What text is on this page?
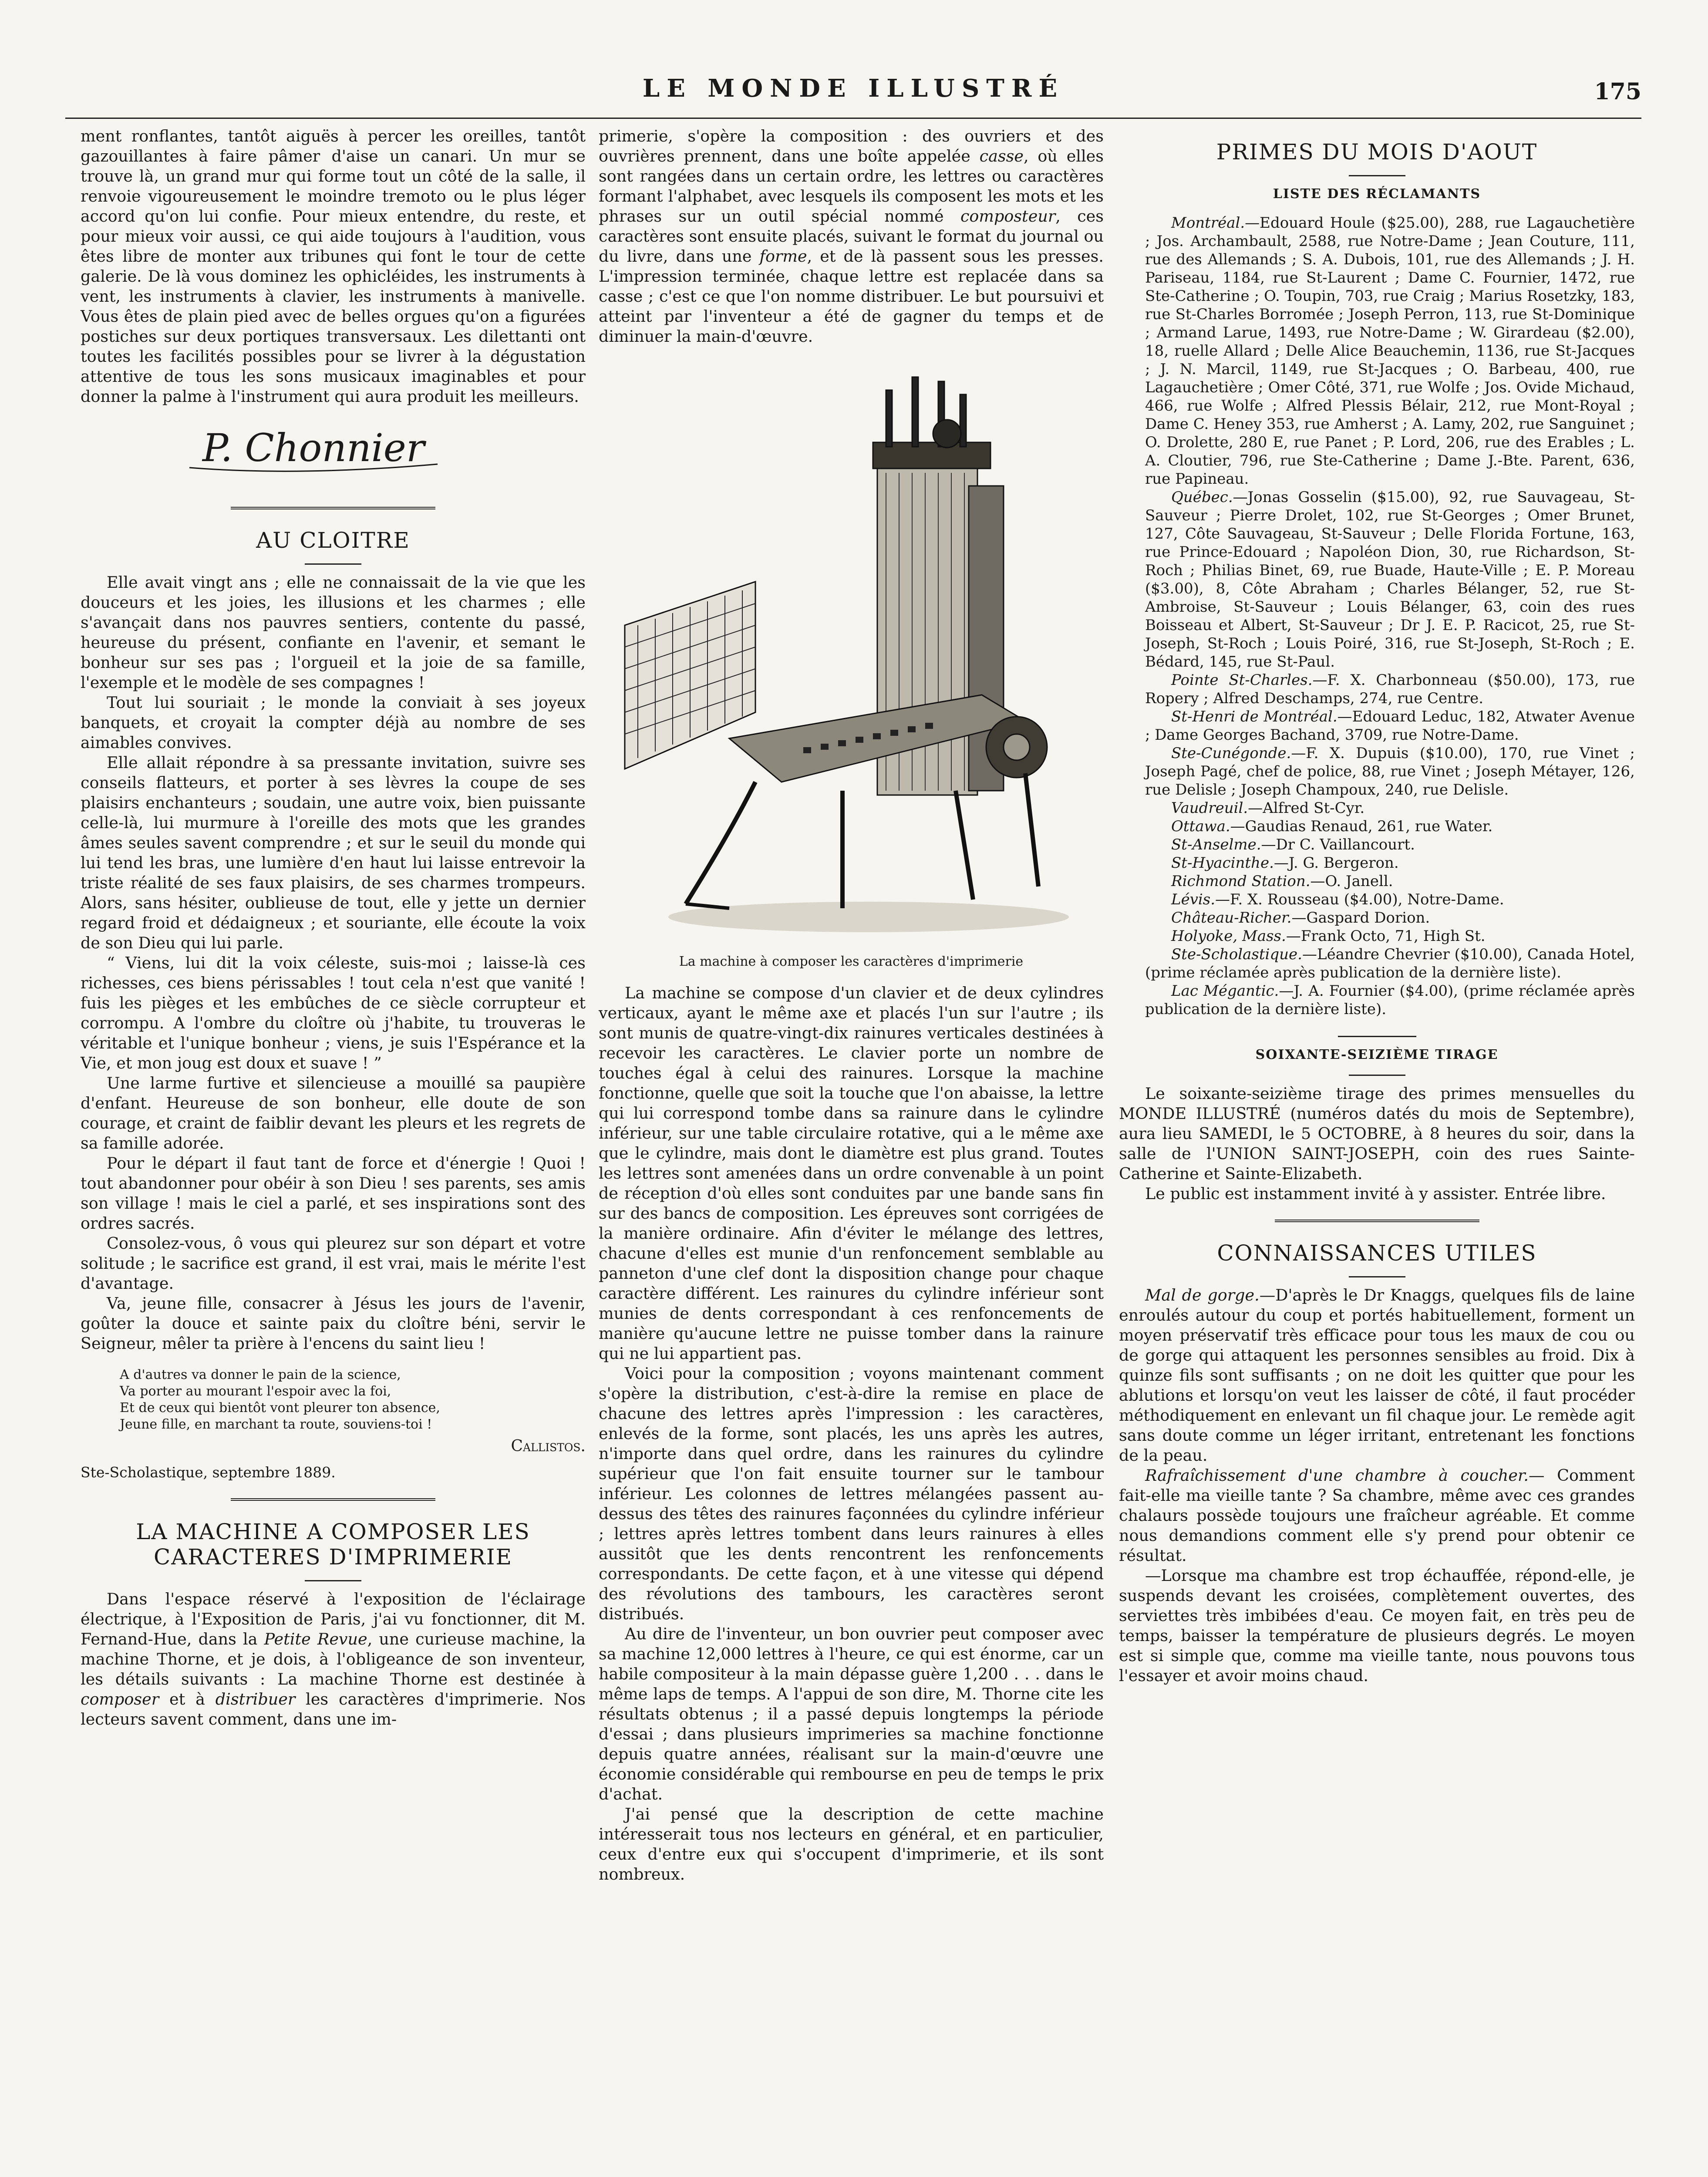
LE MONDE ILLUSTRÉ	175

ment ronflantes, tantôt aiguës à percer les oreilles, tantôt gazouillantes à faire pâmer d'aise un canari. Un mur se trouve là, un grand mur qui forme tout un côté de la salle, il renvoie vigoureusement le moindre tremoto ou le plus léger accord qu'on lui confie. Pour mieux entendre, du reste, et pour mieux voir aussi, ce qui aide toujours à l'audition, vous êtes libre de monter aux tribunes qui font le tour de cette galerie. De là vous dominez les ophicléides, les instruments à vent, les instruments à clavier, les instruments à manivelle. Vous êtes de plain pied avec de belles orgues qu'on a figurées postiches sur deux portiques transversaux. Les dilettanti ont toutes les facilités possibles pour se livrer à la dégustation attentive de tous les sons musicaux imaginables et pour donner la palme à l'instrument qui aura produit les meilleurs.

P. Chonnier
AU CLOITRE

Elle avait vingt ans ; elle ne connaissait de la vie que les douceurs et les joies, les illusions et les charmes ; elle s'avançait dans nos pauvres sentiers, contente du passé, heureuse du présent, confiante en l'avenir, et semant le bonheur sur ses pas ; l'orgueil et la joie de sa famille, l'exemple et le modèle de ses compagnes !

Tout lui souriait ; le monde la conviait à ses joyeux banquets, et croyait la compter déjà au nombre de ses aimables convives.

Elle allait répondre à sa pressante invitation, suivre ses conseils flatteurs, et porter à ses lèvres la coupe de ses plaisirs enchanteurs ; soudain, une autre voix, bien puissante celle-là, lui murmure à l'oreille des mots que les grandes âmes seules savent comprendre ; et sur le seuil du monde qui lui tend les bras, une lumière d'en haut lui laisse entrevoir la triste réalité de ses faux plaisirs, de ses charmes trompeurs. Alors, sans hésiter, oublieuse de tout, elle y jette un dernier regard froid et dédaigneux ; et souriante, elle écoute la voix de son Dieu qui lui parle.

“ Viens, lui dit la voix céleste, suis-moi ; laisse-là ces richesses, ces biens périssables ! tout cela n'est que vanité ! fuis les pièges et les embûches de ce siècle corrupteur et corrompu. A l'ombre du cloître où j'habite, tu trouveras le véritable et l'unique bonheur ; viens, je suis l'Espérance et la Vie, et mon joug est doux et suave ! ”

Une larme furtive et silencieuse a mouillé sa paupière d'enfant. Heureuse de son bonheur, elle doute de son courage, et craint de faiblir devant les pleurs et les regrets de sa famille adorée.

Pour le départ il faut tant de force et d'énergie ! Quoi ! tout abandonner pour obéir à son Dieu ! ses parents, ses amis son village ! mais le ciel a parlé, et ses inspirations sont des ordres sacrés.

Consolez-vous, ô vous qui pleurez sur son départ et votre solitude ; le sacrifice est grand, il est vrai, mais le mérite l'est d'avantage.

Va, jeune fille, consacrer à Jésus les jours de l'avenir, goûter la douce et sainte paix du cloître béni, servir le Seigneur, mêler ta prière à l'encens du saint lieu !

A d'autres va donner le pain de la science,
Va porter au mourant l'espoir avec la foi,
Et de ceux qui bientôt vont pleurer ton absence,
Jeune fille, en marchant ta route, souviens-toi !
Callistos.
Ste-Scholastique, septembre 1889.
LA MACHINE A COMPOSER LES CARACTERES D'IMPRIMERIE

Dans l'espace réservé à l'exposition de l'éclairage électrique, à l'Exposition de Paris, j'ai vu fonctionner, dit M. Fernand-Hue, dans la Petite Revue, une curieuse machine, la machine Thorne, et je dois, à l'obligeance de son inventeur, les détails suivants : La machine Thorne est destinée à composer et à distribuer les caractères d'imprimerie. Nos lecteurs savent comment, dans une im-

primerie, s'opère la composition : des ouvriers et des ouvrières prennent, dans une boîte appelée casse, où elles sont rangées dans un certain ordre, les lettres ou caractères formant l'alphabet, avec lesquels ils composent les mots et les phrases sur un outil spécial nommé composteur, ces caractères sont ensuite placés, suivant le format du journal ou du livre, dans une forme, et de là passent sous les presses. L'impression terminée, chaque lettre est replacée dans sa casse ; c'est ce que l'on nomme distribuer. Le but poursuivi et atteint par l'inventeur a été de gagner du temps et de diminuer la main-d'œuvre.

La machine à composer les caractères d'imprimerie

La machine se compose d'un clavier et de deux cylindres verticaux, ayant le même axe et placés l'un sur l'autre ; ils sont munis de quatre-vingt-dix rainures verticales destinées à recevoir les caractères. Le clavier porte un nombre de touches égal à celui des rainures. Lorsque la machine fonctionne, quelle que soit la touche que l'on abaisse, la lettre qui lui correspond tombe dans sa rainure dans le cylindre inférieur, sur une table circulaire rotative, qui a le même axe que le cylindre, mais dont le diamètre est plus grand. Toutes les lettres sont amenées dans un ordre convenable à un point de réception d'où elles sont conduites par une bande sans fin sur des bancs de composition. Les épreuves sont corrigées de la manière ordinaire. Afin d'éviter le mélange des lettres, chacune d'elles est munie d'un renfoncement semblable au panneton d'une clef dont la disposition change pour chaque caractère différent. Les rainures du cylindre inférieur sont munies de dents correspondant à ces renfoncements de manière qu'aucune lettre ne puisse tomber dans la rainure qui ne lui appartient pas.

Voici pour la composition ; voyons maintenant comment s'opère la distribution, c'est-à-dire la remise en place de chacune des lettres après l'impression : les caractères, enlevés de la forme, sont placés, les uns après les autres, n'importe dans quel ordre, dans les rainures du cylindre supérieur que l'on fait ensuite tourner sur le tambour inférieur. Les colonnes de lettres mélangées passent au-dessus des têtes des rainures façonnées du cylindre inférieur ; lettres après lettres tombent dans leurs rainures à elles aussitôt que les dents rencontrent les renfoncements correspondants. De cette façon, et à une vitesse qui dépend des révolutions des tambours, les caractères seront distribués.

Au dire de l'inventeur, un bon ouvrier peut composer avec sa machine 12,000 lettres à l'heure, ce qui est énorme, car un habile compositeur à la main dépasse guère 1,200 . . . dans le même laps de temps. A l'appui de son dire, M. Thorne cite les résultats obtenus ; il a passé depuis longtemps la période d'essai ; dans plusieurs imprimeries sa machine fonctionne depuis quatre années, réalisant sur la main-d'œuvre une économie considérable qui rembourse en peu de temps le prix d'achat.

J'ai pensé que la description de cette machine intéresserait tous nos lecteurs en général, et en particulier, ceux d'entre eux qui s'occupent d'imprimerie, et ils sont nombreux.

PRIMES DU MOIS D'AOUT
LISTE DES RÉCLAMANTS

Montréal.—Edouard Houle ($25.00), 288, rue Lagauchetière ; Jos. Archambault, 2588, rue Notre-Dame ; Jean Couture, 111, rue des Allemands ; S. A. Dubois, 101, rue des Allemands ; J. H. Pariseau, 1184, rue St-Laurent ; Dame C. Fournier, 1472, rue Ste-Catherine ; O. Toupin, 703, rue Craig ; Marius Rosetzky, 183, rue St-Charles Borromée ; Joseph Perron, 113, rue St-Dominique ; Armand Larue, 1493, rue Notre-Dame ; W. Girardeau ($2.00), 18, ruelle Allard ; Delle Alice Beauchemin, 1136, rue St-Jacques ; J. N. Marcil, 1149, rue St-Jacques ; O. Barbeau, 400, rue Lagauchetière ; Omer Côté, 371, rue Wolfe ; Jos. Ovide Michaud, 466, rue Wolfe ; Alfred Plessis Bélair, 212, rue Mont-Royal ; Dame C. Heney 353, rue Amherst ; A. Lamy, 202, rue Sanguinet ; O. Drolette, 280 E, rue Panet ; P. Lord, 206, rue des Erables ; L. A. Cloutier, 796, rue Ste-Catherine ; Dame J.-Bte. Parent, 636, rue Papineau.

Québec.—Jonas Gosselin ($15.00), 92, rue Sauvageau, St-Sauveur ; Pierre Drolet, 102, rue St-Georges ; Omer Brunet, 127, Côte Sauvageau, St-Sauveur ; Delle Florida Fortune, 163, rue Prince-Edouard ; Napoléon Dion, 30, rue Richardson, St-Roch ; Philias Binet, 69, rue Buade, Haute-Ville ; E. P. Moreau ($3.00), 8, Côte Abraham ; Charles Bélanger, 52, rue St-Ambroise, St-Sauveur ; Louis Bélanger, 63, coin des rues Boisseau et Albert, St-Sauveur ; Dr J. E. P. Racicot, 25, rue St-Joseph, St-Roch ; Louis Poiré, 316, rue St-Joseph, St-Roch ; E. Bédard, 145, rue St-Paul.

Pointe St-Charles.—F. X. Charbonneau ($50.00), 173, rue Ropery ; Alfred Deschamps, 274, rue Centre.

St-Henri de Montréal.—Edouard Leduc, 182, Atwater Avenue ; Dame Georges Bachand, 3709, rue Notre-Dame.

Ste-Cunégonde.—F. X. Dupuis ($10.00), 170, rue Vinet ; Joseph Pagé, chef de police, 88, rue Vinet ; Joseph Métayer, 126, rue Delisle ; Joseph Champoux, 240, rue Delisle.

Vaudreuil.—Alfred St-Cyr.

Ottawa.—Gaudias Renaud, 261, rue Water.

St-Anselme.—Dr C. Vaillancourt.

St-Hyacinthe.—J. G. Bergeron.

Richmond Station.—O. Janell.

Lévis.—F. X. Rousseau ($4.00), Notre-Dame.

Château-Richer.—Gaspard Dorion.

Holyoke, Mass.—Frank Octo, 71, High St.

Ste-Scholastique.—Léandre Chevrier ($10.00), Canada Hotel, (prime réclamée après publication de la dernière liste).

Lac Mégantic.—J. A. Fournier ($4.00), (prime réclamée après publication de la dernière liste).

SOIXANTE-SEIZIÈME TIRAGE

Le soixante-seizième tirage des primes mensuelles du MONDE ILLUSTRÉ (numéros datés du mois de Septembre), aura lieu SAMEDI, le 5 OCTOBRE, à 8 heures du soir, dans la salle de l'UNION SAINT-JOSEPH, coin des rues Sainte-Catherine et Sainte-Elizabeth.

Le public est instamment invité à y assister. Entrée libre.

CONNAISSANCES UTILES

Mal de gorge.—D'après le Dr Knaggs, quelques fils de laine enroulés autour du coup et portés habituellement, forment un moyen préservatif très efficace pour tous les maux de cou ou de gorge qui attaquent les personnes sensibles au froid. Dix à quinze fils sont suffisants ; on ne doit les quitter que pour les ablutions et lorsqu'on veut les laisser de côté, il faut procéder méthodiquement en enlevant un fil chaque jour. Le remède agit sans doute comme un léger irritant, entretenant les fonctions de la peau.

Rafraîchissement d'une chambre à coucher.— Comment fait-elle ma vieille tante ? Sa chambre, même avec ces grandes chalaurs possède toujours une fraîcheur agréable. Et comme nous demandions comment elle s'y prend pour obtenir ce résultat.

—Lorsque ma chambre est trop échauffée, répond-elle, je suspends devant les croisées, complètement ouvertes, des serviettes très imbibées d'eau. Ce moyen fait, en très peu de temps, baisser la température de plusieurs degrés. Le moyen est si simple que, comme ma vieille tante, nous pouvons tous l'essayer et avoir moins chaud.
